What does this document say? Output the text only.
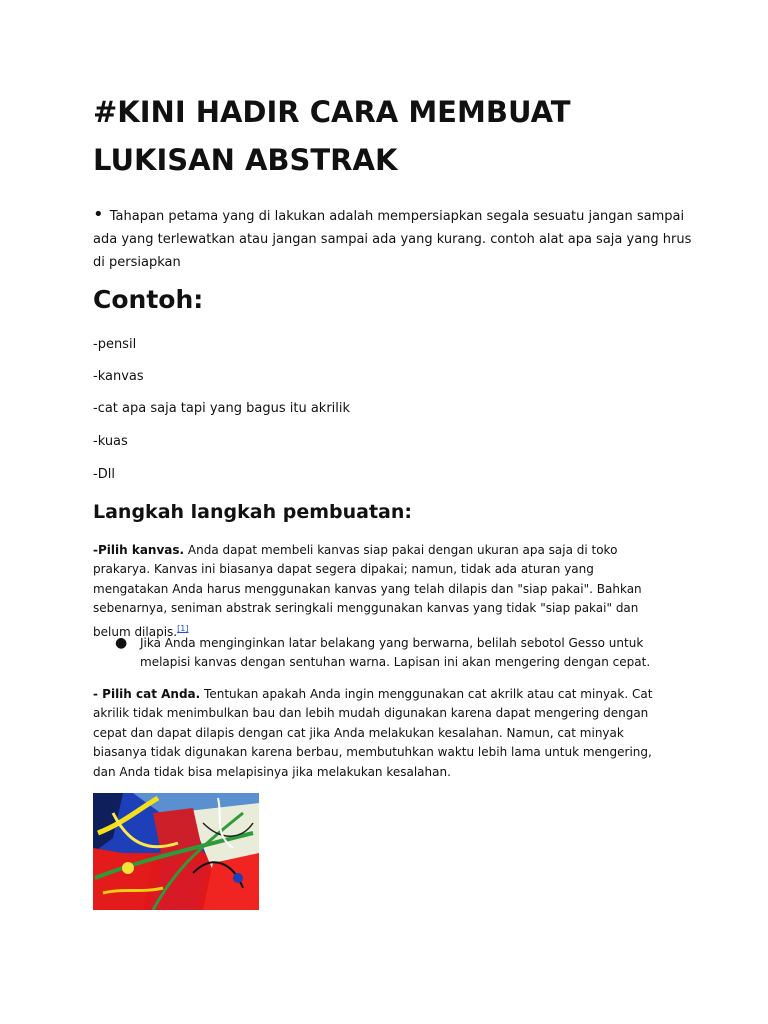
#KINI HADIR CARA MEMBUAT LUKISAN ABSTRAK

• Tahapan petama yang di lakukan adalah mempersiapkan segala sesuatu jangan sampai ada yang terlewatkan atau jangan sampai ada yang kurang. contoh alat apa saja yang hrus di persiapkan

Contoh:

-pensil

-kanvas

-cat apa saja tapi yang bagus itu akrilik

-kuas

-Dll

Langkah langkah pembuatan:

-Pilih kanvas. Anda dapat membeli kanvas siap pakai dengan ukuran apa saja di toko prakarya. Kanvas ini biasanya dapat segera dipakai; namun, tidak ada aturan yang mengatakan Anda harus menggunakan kanvas yang telah dilapis dan "siap pakai". Bahkan sebenarnya, seniman abstrak seringkali menggunakan kanvas yang tidak "siap pakai" dan belum dilapis.[1]

● Jika Anda menginginkan latar belakang yang berwarna, belilah sebotol Gesso untuk melapisi kanvas dengan sentuhan warna. Lapisan ini akan mengering dengan cepat.

- Pilih cat Anda. Tentukan apakah Anda ingin menggunakan cat akrilk atau cat minyak. Cat akrilik tidak menimbulkan bau dan lebih mudah digunakan karena dapat mengering dengan cepat dan dapat dilapis dengan cat jika Anda melakukan kesalahan. Namun, cat minyak biasanya tidak digunakan karena berbau, membutuhkan waktu lebih lama untuk mengering, dan Anda tidak bisa melapisinya jika melakukan kesalahan.
